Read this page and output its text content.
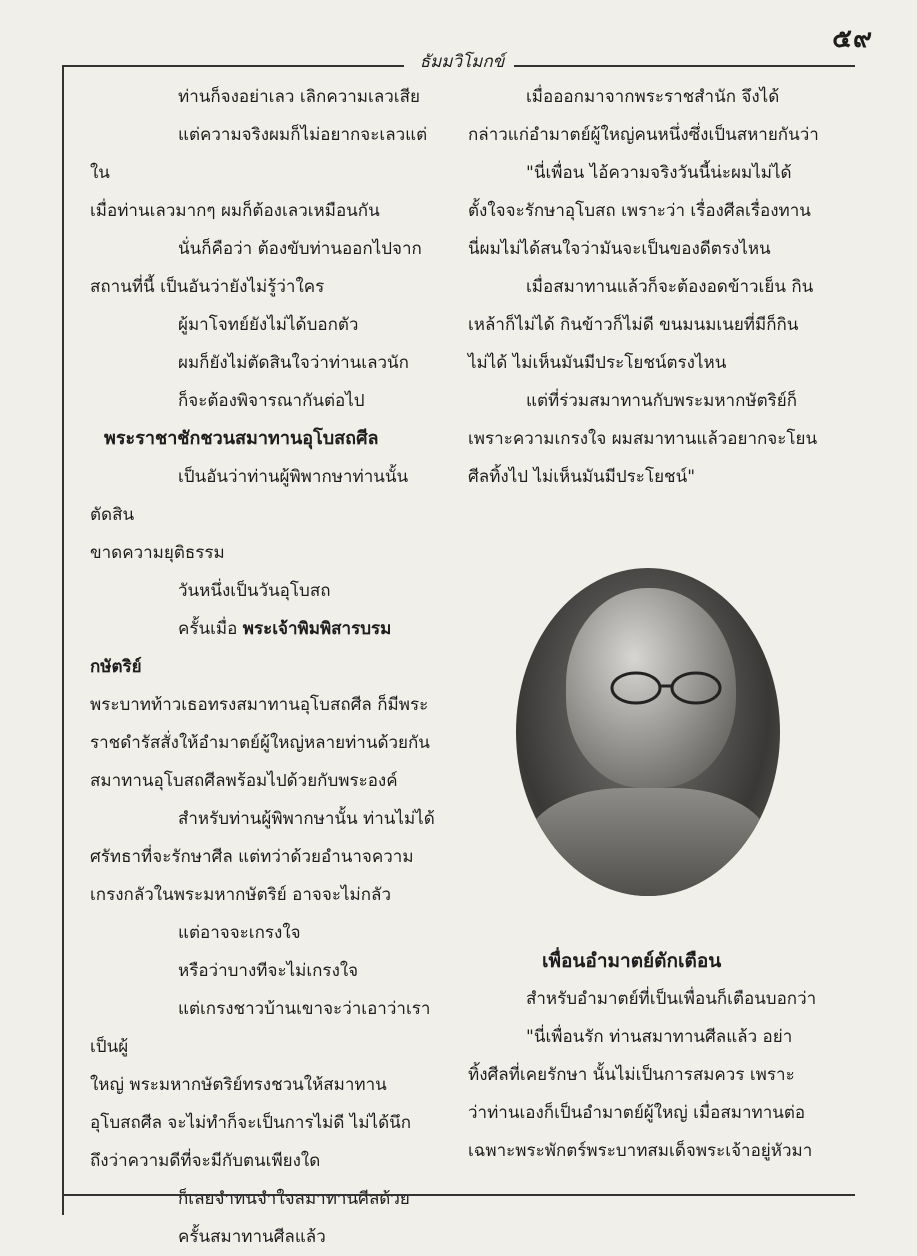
๕๙
ธัมมวิโมกข์

ท่านก็จงอย่าเลว เลิกความเลวเสีย

แต่ความจริงผมก็ไม่อยากจะเลวแต่ใน

เมื่อท่านเลวมากๆ ผมก็ต้องเลวเหมือนกัน

นั่นก็คือว่า ต้องขับท่านออกไปจาก

สถานที่นี้ เป็นอันว่ายังไม่รู้ว่าใคร

ผู้มาโจทย์ยังไม่ได้บอกตัว

ผมก็ยังไม่ตัดสินใจว่าท่านเลวนัก

ก็จะต้องพิจารณากันต่อไป

พระราชาชักชวนสมาทานอุโบสถศีล

เป็นอันว่าท่านผู้พิพากษาท่านนั้นตัดสิน

ขาดความยุติธรรม

วันหนึ่งเป็นวันอุโบสถ

ครั้นเมื่อ พระเจ้าพิมพิสารบรมกษัตริย์

พระบาทท้าวเธอทรงสมาทานอุโบสถศีล ก็มีพระ

ราชดำรัสสั่งให้อำมาตย์ผู้ใหญ่หลายท่านด้วยกัน

สมาทานอุโบสถศีลพร้อมไปด้วยกับพระองค์

สำหรับท่านผู้พิพากษานั้น ท่านไม่ได้

ศรัทธาที่จะรักษาศีล แต่ทว่าด้วยอำนาจความ

เกรงกลัวในพระมหากษัตริย์ อาจจะไม่กลัว

แต่อาจจะเกรงใจ

หรือว่าบางทีจะไม่เกรงใจ

แต่เกรงชาวบ้านเขาจะว่าเอาว่าเราเป็นผู้

ใหญ่ พระมหากษัตริย์ทรงชวนให้สมาทาน

อุโบสถศีล จะไม่ทำก็จะเป็นการไม่ดี ไม่ได้นึก

ถึงว่าความดีที่จะมีกับตนเพียงใด

ก็เลยจำทนจำใจสมาทานศีลด้วย

ครั้นสมาทานศีลแล้ว

เมื่อออกมาจากพระราชสำนัก จึงได้

กล่าวแก่อำมาตย์ผู้ใหญ่คนหนึ่งซึ่งเป็นสหายกันว่า

"นี่เพื่อน ไอ้ความจริงวันนี้น่ะผมไม่ได้

ตั้งใจจะรักษาอุโบสถ เพราะว่า เรื่องศีลเรื่องทาน

นี่ผมไม่ได้สนใจว่ามันจะเป็นของดีตรงไหน

เมื่อสมาทานแล้วก็จะต้องอดข้าวเย็น กิน

เหล้าก็ไม่ได้ กินข้าวก็ไม่ดี ขนมนมเนยที่มีก็กิน

ไม่ได้ ไม่เห็นมันมีประโยชน์ตรงไหน

แต่ที่ร่วมสมาทานกับพระมหากษัตริย์ก็

เพราะความเกรงใจ ผมสมาทานแล้วอยากจะโยน

ศีลทิ้งไป ไม่เห็นมันมีประโยชน์"

เพื่อนอำมาตย์ตักเตือน

สำหรับอำมาตย์ที่เป็นเพื่อนก็เตือนบอกว่า

"นี่เพื่อนรัก ท่านสมาทานศีลแล้ว อย่า

ทิ้งศีลที่เคยรักษา นั้นไม่เป็นการสมควร เพราะ

ว่าท่านเองก็เป็นอำมาตย์ผู้ใหญ่ เมื่อสมาทานต่อ

เฉพาะพระพักตร์พระบาทสมเด็จพระเจ้าอยู่หัวมา
